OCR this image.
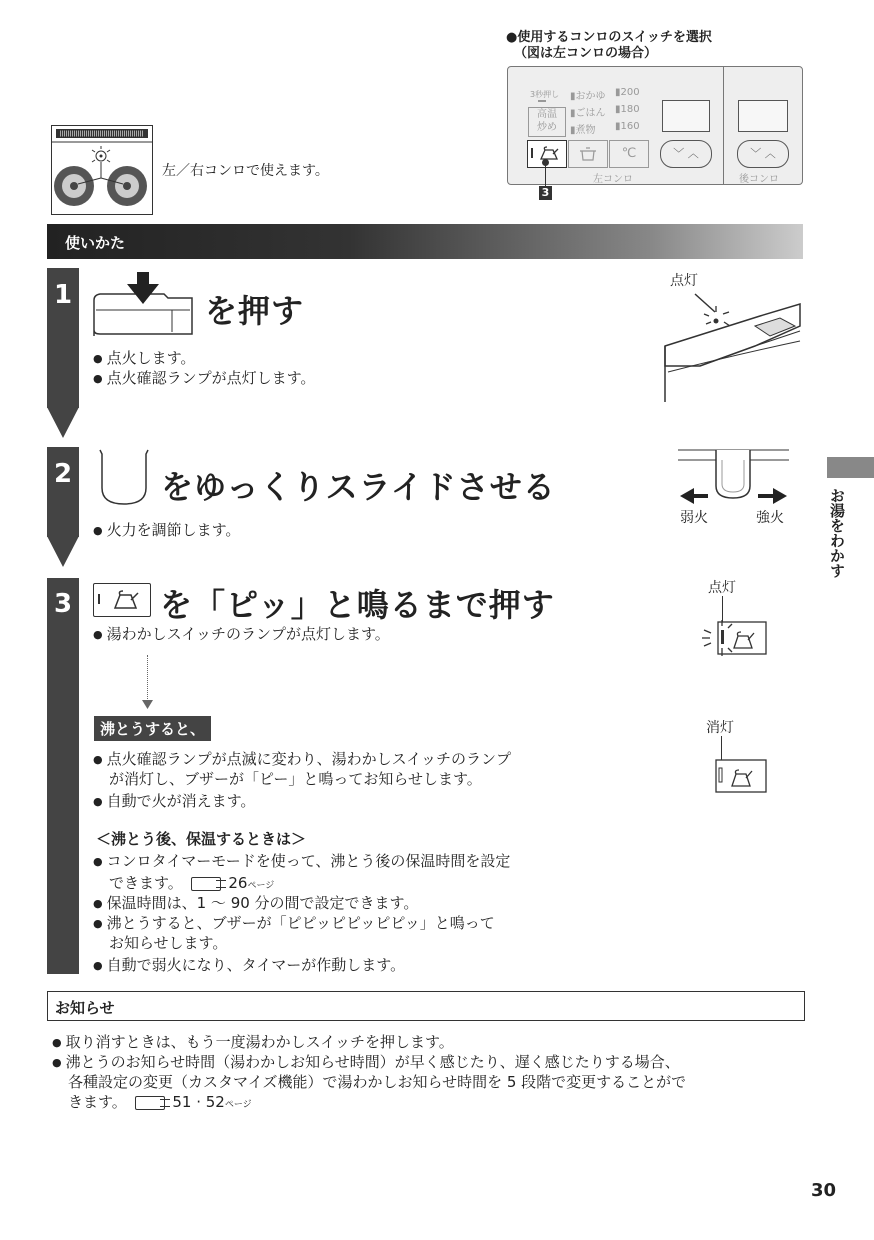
左／右コンロで使えます。
●使用するコンロのスイッチを選択
（図は左コンロの場合）
3秒押し
高温
炒め
▮おかゆ
▮ごはん
▮煮物
▮200
▮180
▮160
℃	﹀ ︿	﹀ ︿
左コンロ	後コンロ
3
使いかた
1	を押す
● 点火します。
● 点火確認ランプが点灯します。
点灯
2	をゆっくりスライドさせる
● 火力を調節します。
弱火	強火
3	を「ピッ」と鳴るまで押す
● 湯わかしスイッチのランプが点灯します。
沸とうすると、
● 点火確認ランプが点滅に変わり、湯わかしスイッチのランプ
が消灯し、ブザーが「ピー」と鳴ってお知らせします。
● 自動で火が消えます。
＜沸とう後、保温するときは＞
● コンロタイマーモードを使って、沸とう後の保温時間を設定
できます。	26ページ
● 保温時間は、1 ～ 90 分の間で設定できます。
● 沸とうすると、ブザーが「ピピッピピッピピッ」と鳴って
お知らせします。
● 自動で弱火になり、タイマーが作動します。
点灯
消灯
お湯をわかす
お知らせ
● 取り消すときは、もう一度湯わかしスイッチを押します。
● 沸とうのお知らせ時間（湯わかしお知らせ時間）が早く感じたり、遅く感じたりする場合、
各種設定の変更（カスタマイズ機能）で湯わかしお知らせ時間を 5 段階で変更することがで
きます。	51 · 52ページ
30
